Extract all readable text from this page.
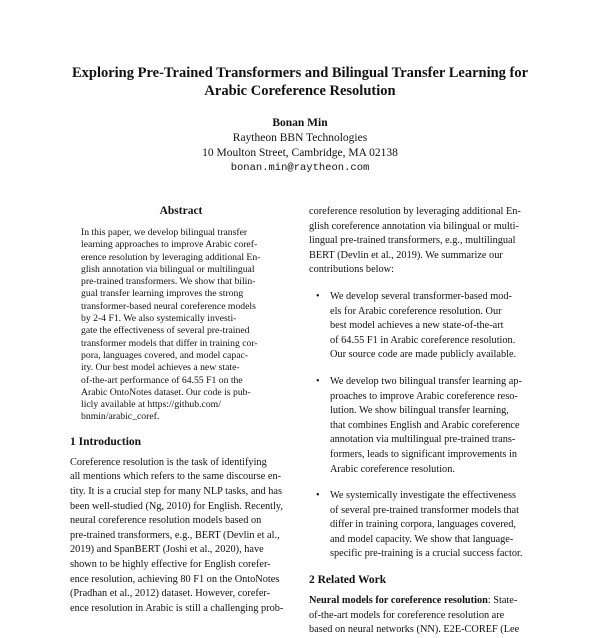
Exploring Pre-Trained Transformers and Bilingual Transfer Learning for
Arabic Coreference Resolution
Bonan Min
Raytheon BBN Technologies
10 Moulton Street, Cambridge, MA 02138
bonan.min@raytheon.com
Abstract
In this paper, we develop bilingual transfer
learning approaches to improve Arabic coref-
erence resolution by leveraging additional En-
glish annotation via bilingual or multilingual
pre-trained transformers. We show that bilin-
gual transfer learning improves the strong
transformer-based neural coreference models
by 2-4 F1. We also systemically investi-
gate the effectiveness of several pre-trained
transformer models that differ in training cor-
pora, languages covered, and model capac-
ity. Our best model achieves a new state-
of-the-art performance of 64.55 F1 on the
Arabic OntoNotes dataset. Our code is pub-
licly available at https://github.com/
bnmin/arabic_coref.
1 Introduction
Coreference resolution is the task of identifying
all mentions which refers to the same discourse en-
tity. It is a crucial step for many NLP tasks, and has
been well-studied (Ng, 2010) for English. Recently,
neural coreference resolution models based on
pre-trained transformers, e.g., BERT (Devlin et al.,
2019) and SpanBERT (Joshi et al., 2020), have
shown to be highly effective for English corefer-
ence resolution, achieving 80 F1 on the OntoNotes
(Pradhan et al., 2012) dataset. However, corefer-
ence resolution in Arabic is still a challenging prob-
coreference resolution by leveraging additional En-
glish coreference annotation via bilingual or multi-
lingual pre-trained transformers, e.g., multilingual
BERT (Devlin et al., 2019). We summarize our
contributions below:
•	We develop several transformer-based mod-
els for Arabic coreference resolution. Our
best model achieves a new state-of-the-art
of 64.55 F1 in Arabic coreference resolution.
Our source code are made publicly available.
•	We develop two bilingual transfer learning ap-
proaches to improve Arabic coreference reso-
lution. We show bilingual transfer learning,
that combines English and Arabic coreference
annotation via multilingual pre-trained trans-
formers, leads to significant improvements in
Arabic coreference resolution.
•	We systemically investigate the effectiveness
of several pre-trained transformer models that
differ in training corpora, languages covered,
and model capacity. We show that language-
specific pre-training is a crucial success factor.
2 Related Work
Neural models for coreference resolution: State-
of-the-art models for coreference resolution are
based on neural networks (NN). E2E-COREF (Lee
